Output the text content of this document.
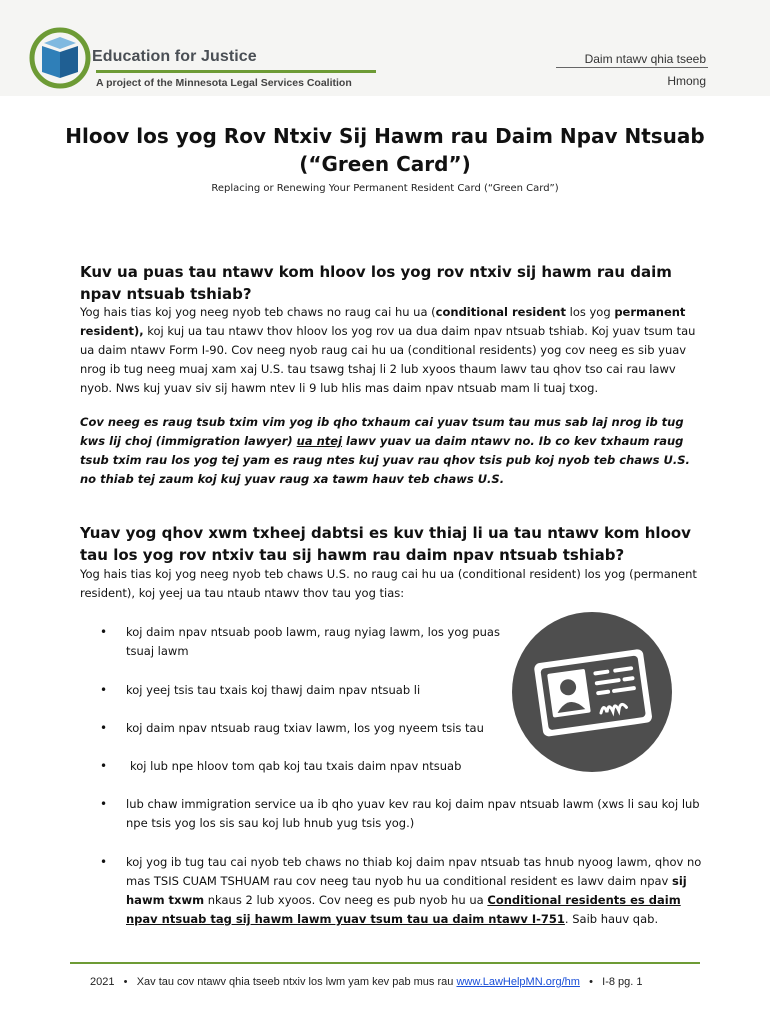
Education for Justice
A project of the Minnesota Legal Services Coalition
Daim ntawv qhia tseeb
Hmong
Hloov los yog Rov Ntxiv Sij Hawm rau Daim Npav Ntsuab
(“Green Card”)
Replacing or Renewing Your Permanent Resident Card (“Green Card”)
Kuv ua puas tau ntawv kom hloov los yog rov ntxiv sij hawm rau daim npav ntsuab tshiab?
Yog hais tias koj yog neeg nyob teb chaws no raug cai hu ua (conditional resident los yog permanent resident), koj kuj ua tau ntawv thov hloov los yog rov ua dua daim npav ntsuab tshiab. Koj yuav tsum tau ua daim ntawv Form I-90. Cov neeg nyob raug cai hu ua (conditional residents) yog cov neeg es sib yuav nrog ib tug neeg muaj xam xaj U.S. tau tsawg tshaj li 2 lub xyoos thaum lawv tau qhov tso cai rau lawv nyob. Nws kuj yuav siv sij hawm ntev li 9 lub hlis mas daim npav ntsuab mam li tuaj txog.
Cov neeg es raug tsub txim vim yog ib qho txhaum cai yuav tsum tau mus sab laj nrog ib tug kws lij choj (immigration lawyer) ua ntej lawv yuav ua daim ntawv no. Ib co kev txhaum raug tsub txim rau los yog tej yam es raug ntes kuj yuav rau qhov tsis pub koj nyob teb chaws U.S. no thiab tej zaum koj kuj yuav raug xa tawm hauv teb chaws U.S.
Yuav yog qhov xwm txheej dabtsi es kuv thiaj li ua tau ntawv kom hloov tau los yog rov ntxiv tau sij hawm rau daim npav ntsuab tshiab?
Yog hais tias koj yog neeg nyob teb chaws U.S. no raug cai hu ua (conditional resident) los yog (permanent resident), koj yeej ua tau ntaub ntawv thov tau yog tias:
• koj daim npav ntsuab poob lawm, raug nyiag lawm, los yog puas tsuaj lawm
• koj yeej tsis tau txais koj thawj daim npav ntsuab li
• koj daim npav ntsuab raug txiav lawm, los yog nyeem tsis tau
• koj lub npe hloov tom qab koj tau txais daim npav ntsuab
• lub chaw immigration service ua ib qho yuav kev rau koj daim npav ntsuab lawm (xws li sau koj lub npe tsis yog los sis sau koj lub hnub yug tsis yog.)
• koj yog ib tug tau cai nyob teb chaws no thiab koj daim npav ntsuab tas hnub nyoog lawm, qhov no mas TSIS CUAM TSHUAM rau cov neeg tau nyob hu ua conditional resident es lawv daim npav sij hawm txwm nkaus 2 lub xyoos. Cov neeg es pub nyob hu ua Conditional residents es daim npav ntsuab tag sij hawm lawm yuav tsum tau ua daim ntawv I-751. Saib hauv qab.
2021 • Xav tau cov ntawv qhia tseeb ntxiv los lwm yam kev pab mus rau www.LawHelpMN.org/hm • I-8 pg. 1
